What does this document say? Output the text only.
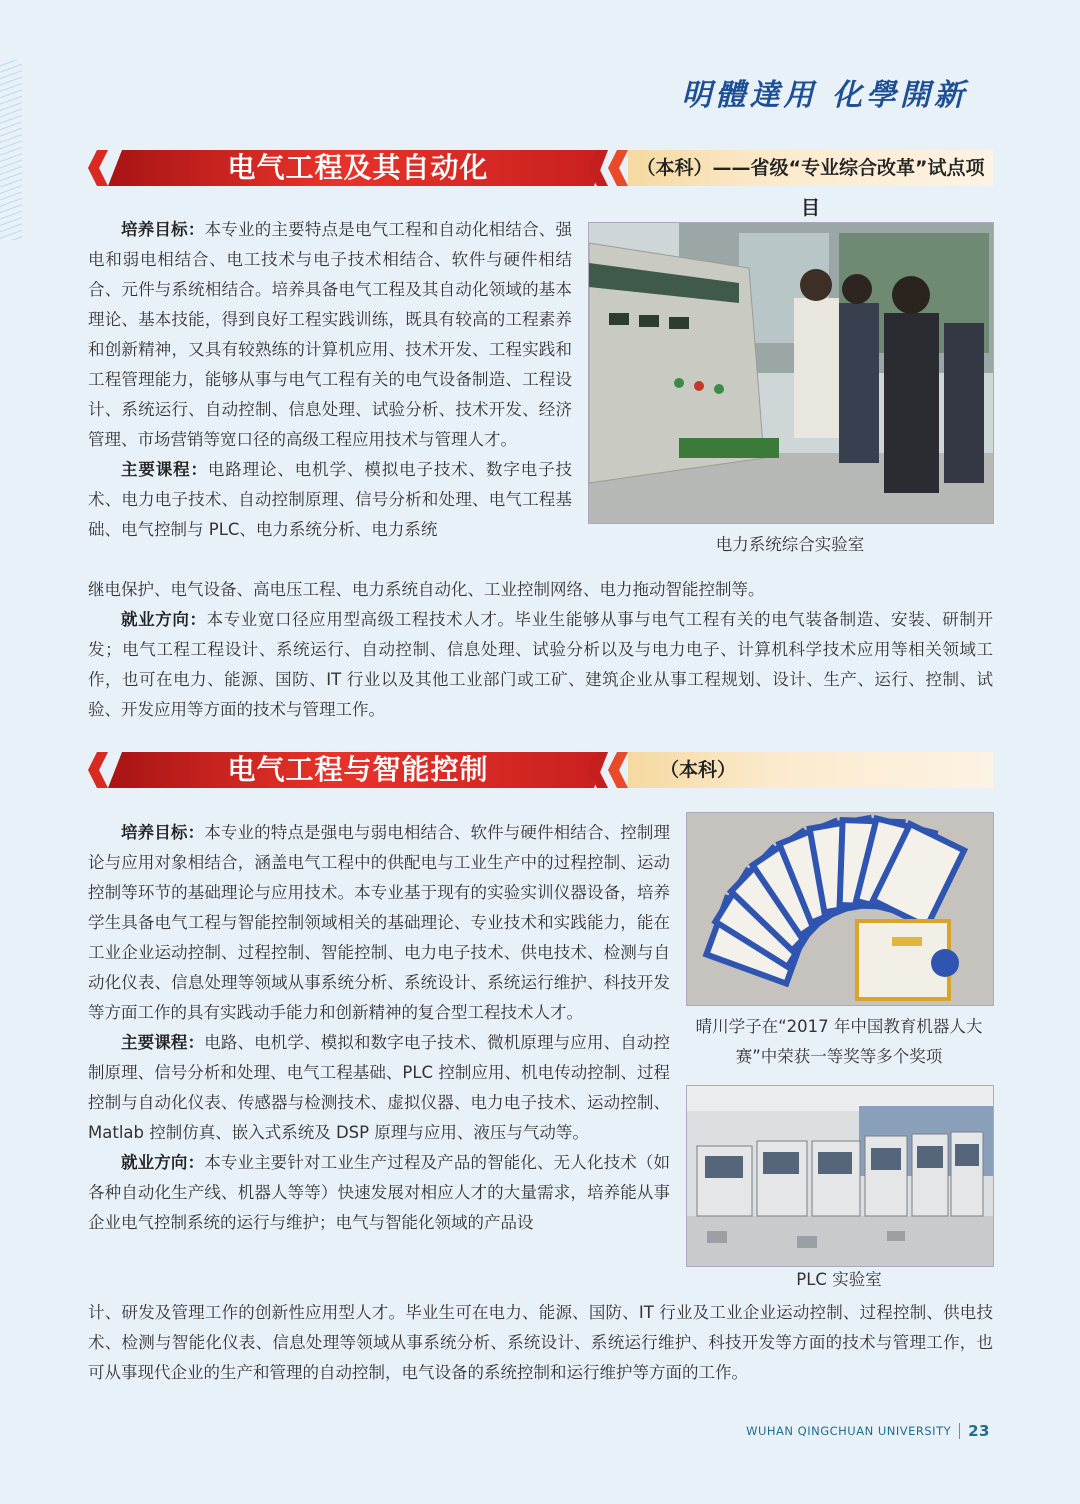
明體達用 化學開新
电气工程及其自动化	（本科）——省级“专业综合改革”试点项目

培养目标：本专业的主要特点是电气工程和自动化相结合、强电和弱电相结合、电工技术与电子技术相结合、软件与硬件相结合、元件与系统相结合。培养具备电气工程及其自动化领域的基本理论、基本技能，得到良好工程实践训练，既具有较高的工程素养和创新精神，又具有较熟练的计算机应用、技术开发、工程实践和工程管理能力，能够从事与电气工程有关的电气设备制造、工程设计、系统运行、自动控制、信息处理、试验分析、技术开发、经济管理、市场营销等宽口径的高级工程应用技术与管理人才。

主要课程：电路理论、电机学、模拟电子技术、数字电子技术、电力电子技术、自动控制原理、信号分析和处理、电气工程基础、电气控制与 PLC、电力系统分析、电力系统

继电保护、电气设备、高电压工程、电力系统自动化、工业控制网络、电力拖动智能控制等。

就业方向：本专业宽口径应用型高级工程技术人才。毕业生能够从事与电气工程有关的电气装备制造、安装、研制开发；电气工程工程设计、系统运行、自动控制、信息处理、试验分析以及与电力电子、计算机科学技术应用等相关领域工作，也可在电力、能源、国防、IT 行业以及其他工业部门或工矿、建筑企业从事工程规划、设计、生产、运行、控制、试验、开发应用等方面的技术与管理工作。

电力系统综合实验室
电气工程与智能控制	（本科）

培养目标：本专业的特点是强电与弱电相结合、软件与硬件相结合、控制理论与应用对象相结合，涵盖电气工程中的供配电与工业生产中的过程控制、运动控制等环节的基础理论与应用技术。本专业基于现有的实验实训仪器设备，培养学生具备电气工程与智能控制领域相关的基础理论、专业技术和实践能力，能在工业企业运动控制、过程控制、智能控制、电力电子技术、供电技术、检测与自动化仪表、信息处理等领域从事系统分析、系统设计、系统运行维护、科技开发等方面工作的具有实践动手能力和创新精神的复合型工程技术人才。

主要课程：电路、电机学、模拟和数字电子技术、微机原理与应用、自动控制原理、信号分析和处理、电气工程基础、PLC 控制应用、机电传动控制、过程控制与自动化仪表、传感器与检测技术、虚拟仪器、电力电子技术、运动控制、Matlab 控制仿真、嵌入式系统及 DSP 原理与应用、液压与气动等。

就业方向：本专业主要针对工业生产过程及产品的智能化、无人化技术（如各种自动化生产线、机器人等等）快速发展对相应人才的大量需求，培养能从事企业电气控制系统的运行与维护；电气与智能化领域的产品设

计、研发及管理工作的创新性应用型人才。毕业生可在电力、能源、国防、IT 行业及工业企业运动控制、过程控制、供电技术、检测与智能化仪表、信息处理等领域从事系统分析、系统设计、系统运行维护、科技开发等方面的技术与管理工作，也可从事现代企业的生产和管理的自动控制，电气设备的系统控制和运行维护等方面的工作。

晴川学子在“2017 年中国教育机器人大赛”中荣获一等奖等多个奖项
PLC 实验室
WUHAN QINGCHUAN UNIVERSITY 23
